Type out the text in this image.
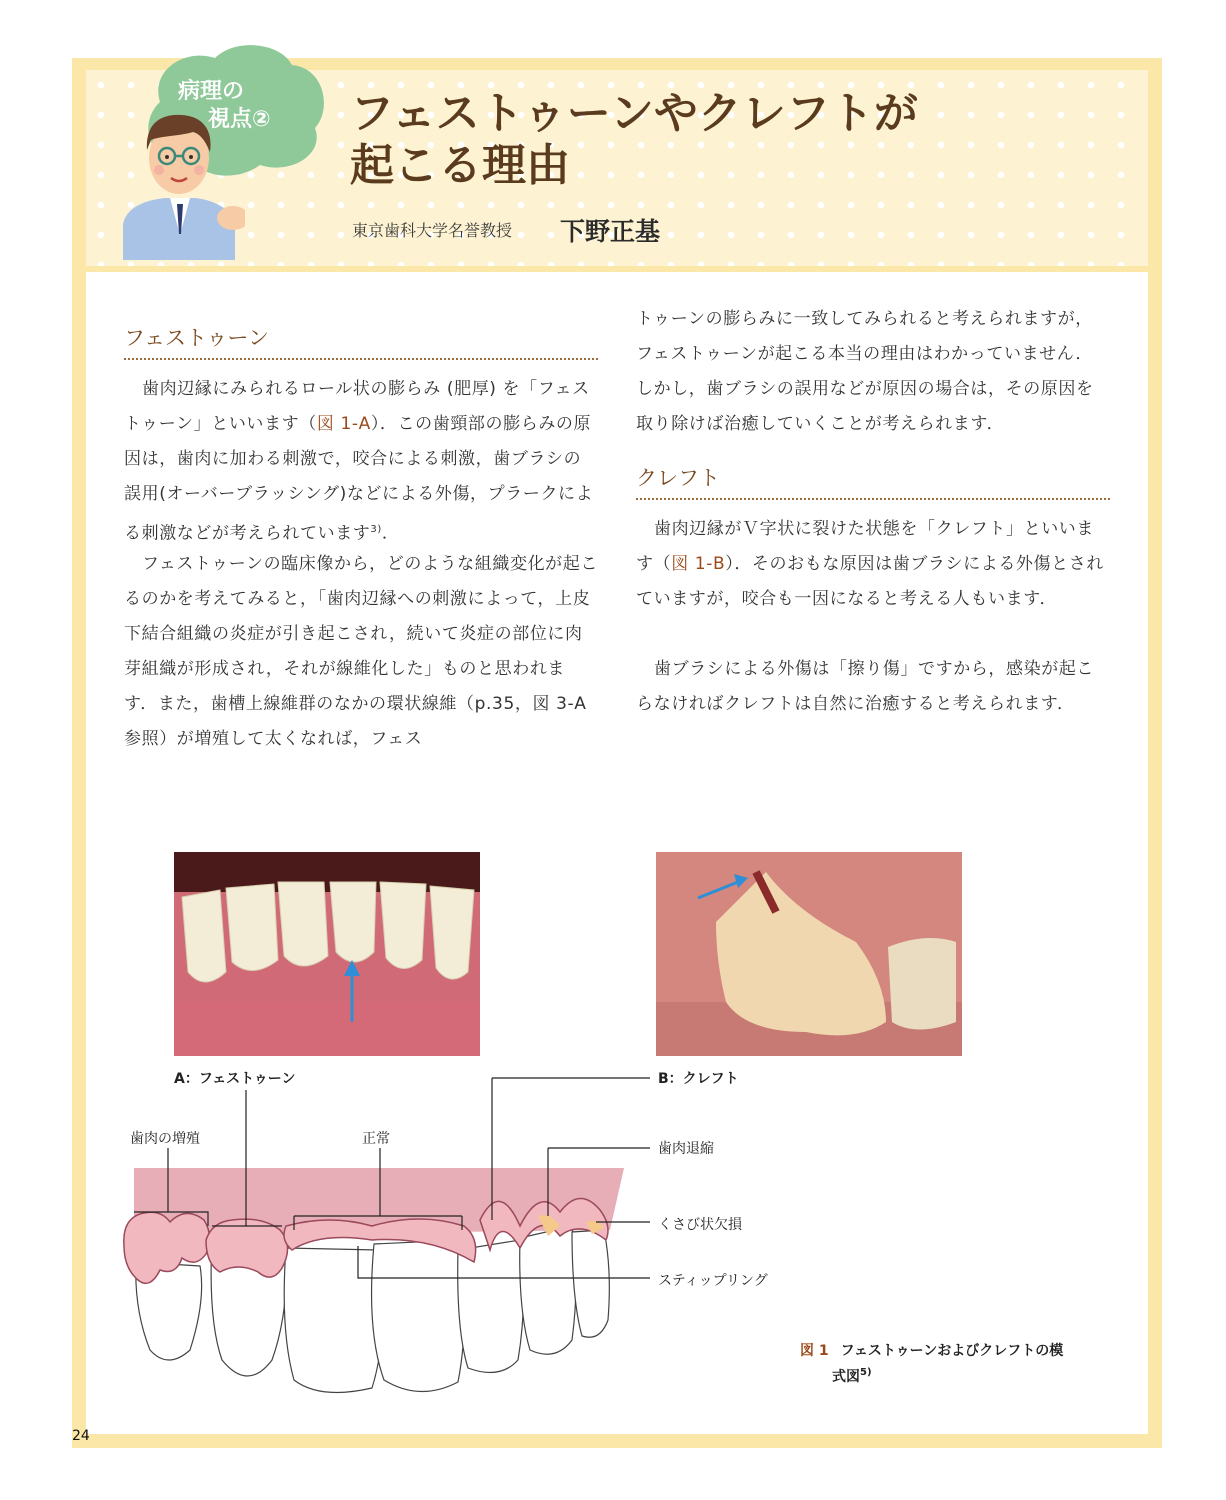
病理の
視点②	フェストゥーンやクレフトが
起こる理由
東京歯科大学名誉教授 下野正基
フェストゥーン

歯肉辺縁にみられるロール状の膨らみ (肥厚) を「フェストゥーン」といいます（図 1-A）．この歯頸部の膨らみの原因は，歯肉に加わる刺激で，咬合による刺激，歯ブラシの誤用(オーバーブラッシング)などによる外傷，プラークによる刺激などが考えられています$^{3)}$．

フェストゥーンの臨床像から，どのような組織変化が起こるのかを考えてみると，「歯肉辺縁への刺激によって，上皮下結合組織の炎症が引き起こされ，続いて炎症の部位に肉芽組織が形成され，それが線維化した」ものと思われます．また，歯槽上線維群のなかの環状線維（p.35，図 3-A 参照）が増殖して太くなれば，フェス

トゥーンの膨らみに一致してみられると考えられますが，フェストゥーンが起こる本当の理由はわかっていません．しかし，歯ブラシの誤用などが原因の場合は，その原因を取り除けば治癒していくことが考えられます．

クレフト

歯肉辺縁がＶ字状に裂けた状態を「クレフト」といいます（図 1-B）．そのおもな原因は歯ブラシによる外傷とされていますが，咬合も一因になると考える人もいます．

歯ブラシによる外傷は「擦り傷」ですから，感染が起こらなければクレフトは自然に治癒すると考えられます．

A：フェストゥーン	B：クレフト
歯肉の増殖	正常
歯肉退縮
くさび状欠損
スティップリング
図 1 フェストゥーンおよびクレフトの模
式図$^{5)}$
24
